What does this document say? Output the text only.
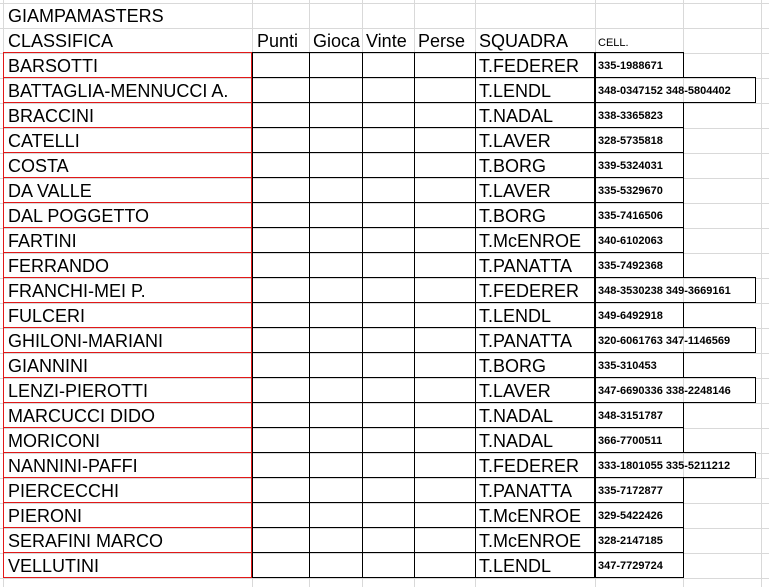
GIAMPAMASTERS
CLASSIFICA	Punti Gioca Vinte Perse SQUADRA	CELL.
BARSOTTI	T.FEDERER 335-1988671
BATTAGLIA-MENNUCCI A.	T.LENDL	348-0347152 348-5804402
BRACCINI	T.NADAL	338-3365823
CATELLI	T.LAVER	328-5735818
COSTA	T.BORG	339-5324031
DA VALLE	T.LAVER	335-5329670
DAL POGGETTO	T.BORG	335-7416506
FARTINI	T.McENROE 340-6102063
FERRANDO	T.PANATTA 335-7492368
FRANCHI-MEI P.	T.FEDERER 348-3530238 349-3669161
FULCERI	T.LENDL	349-6492918
GHILONI-MARIANI	T.PANATTA 320-6061763 347-1146569
GIANNINI	T.BORG	335-310453
LENZI-PIEROTTI	T.LAVER	347-6690336 338-2248146
MARCUCCI DIDO	T.NADAL	348-3151787
MORICONI	T.NADAL	366-7700511
NANNINI-PAFFI	T.FEDERER 333-1801055 335-5211212
PIERCECCHI	T.PANATTA 335-7172877
PIERONI	T.McENROE 329-5422426
SERAFINI MARCO	T.McENROE 328-2147185
VELLUTINI	T.LENDL	347-7729724
